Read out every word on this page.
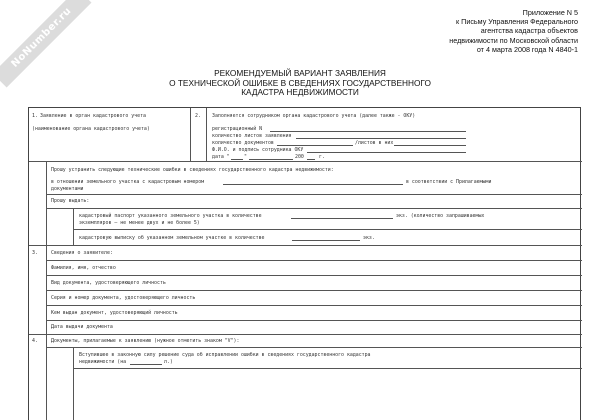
NoNumber.ru	Приложение N 5
к Письму Управления Федерального
агентства кадастра объектов
недвижимости по Московской области
от 4 марта 2008 года N 4840-1
РЕКОМЕНДУЕМЫЙ ВАРИАНТ ЗАЯВЛЕНИЯ
О ТЕХНИЧЕСКОЙ ОШИБКЕ В СВЕДЕНИЯХ ГОСУДАРСТВЕННОГО
КАДАСТРА НЕДВИЖИМОСТИ
1. Заявление в орган кадастрового учета
(наименование органа кадастрового учета)
2. Заполняется сотрудником органа кадастрового учета (далее также - ОКУ)
регистрационный N
количество листов заявления
количество документов	/листов в них
Ф.И.О. и подпись сотрудника ОКУ
дата "	"	200	г.
Прошу устранить следующие технические ошибки в сведениях государственного кадастра недвижимости:
в отношении земельного участка с кадастровым номером	в соответствии с Прилагаемыми
документами
Прошу выдать:
кадастровый паспорт указанного земельного участка в количестве	экз. (количество запрашиваемых
экземпляров – не менее двух и не более 5)
кадастровую выписку об указанном земельном участке в количестве	экз.
3.	Сведения о заявителе:
Фамилия, имя, отчество
Вид документа, удостоверяющего личность
Серия и номер документа, удостоверяющего личность
Кем выдан документ, удостоверяющий личность
Дата выдачи документа
4.	Документы, прилагаемые к заявлению (нужное отметить знаком "V"):
Вступившее в законную силу решение суда об исправлении ошибки в сведениях государственного кадастра
недвижимости (на	л.)
